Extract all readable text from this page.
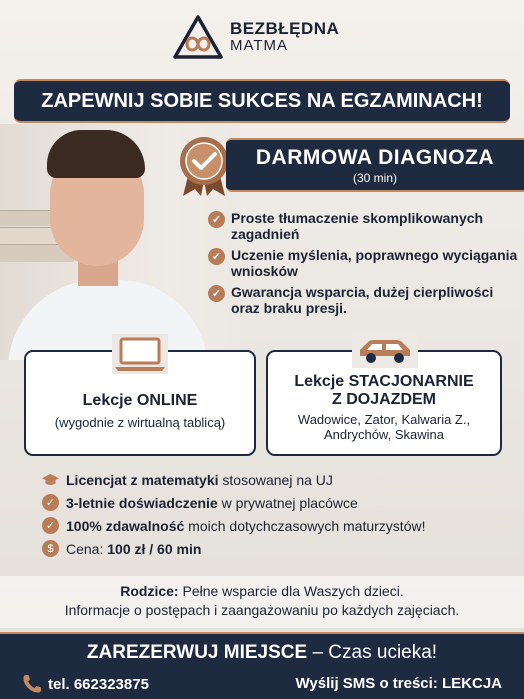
BEZBŁĘDNA
MATMA
ZAPEWNIJ SOBIE SUKCES NA EGZAMINACH!
DARMOWA DIAGNOZA
(30 min)
✓ Proste tłumaczenie skomplikowanych zagadnień
✓ Uczenie myślenia, poprawnego wyciągania wniosków
✓ Gwarancja wsparcia, dużej cierpliwości oraz braku presji.
Lekcje ONLINE
(wygodnie z wirtualną tablicą)
Lekcje STACJONARNIE
Z DOJAZDEM
Wadowice, Zator, Kalwaria Z.,
Andrychów, Skawina
Licencjat z matematyki stosowanej na UJ
✓ 3-letnie doświadczenie w prywatnej placówce
✓ 100% zdawalność moich dotychczasowych maturzystów!
$ Cena: 100 zł / 60 min
Rodzice: Pełne wsparcie dla Waszych dzieci.
Informacje o postępach i zaangażowaniu po każdych zajęciach.
ZAREZERWUJ MIEJSCE – Czas ucieka!
tel. 662323875	Wyślij SMS o treści: LEKCJA
